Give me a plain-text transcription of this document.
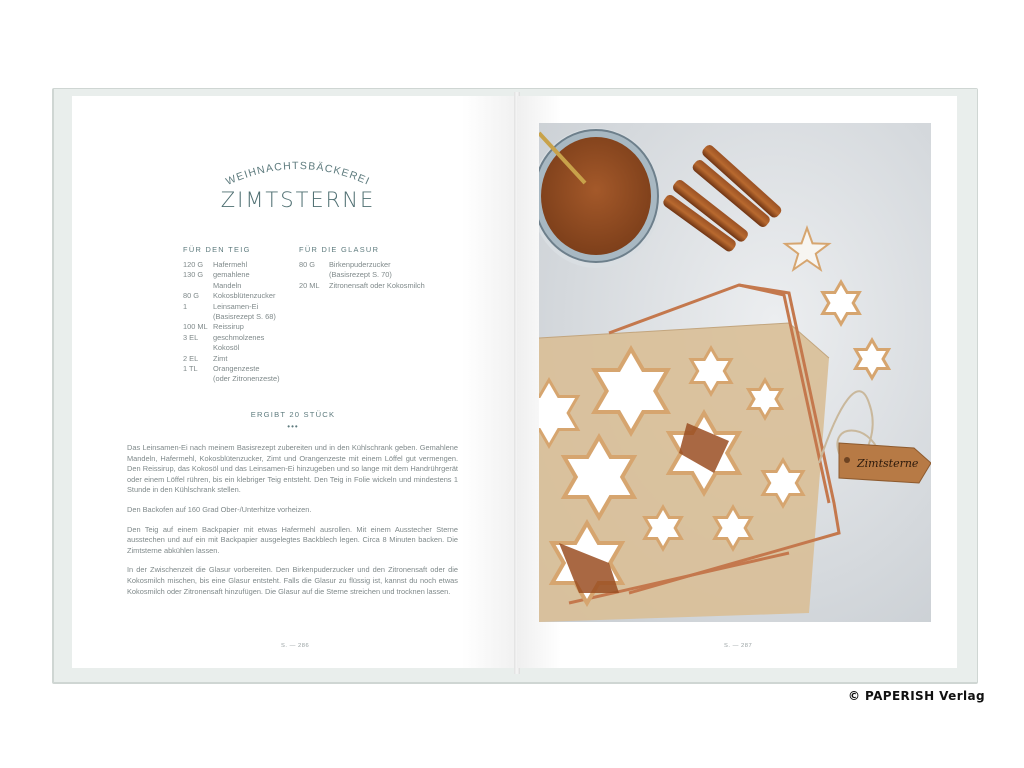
WEIHNACHTSBÄCKEREI
ZIMTSTERNE
FÜR DEN TEIG
120 G	Hafermehl
130 G	gemahlene
Mandeln
80 G	Kokosblütenzucker
1	Leinsamen-Ei
(Basisrezept S. 68)
100 ML Reissirup
3 EL	geschmolzenes
Kokosöl
2 EL	Zimt
1 TL	Orangenzeste
(oder Zitronenzeste)
FÜR DIE GLASUR
80 G	Birkenpuderzucker
(Basisrezept S. 70)
20 ML	Zitronensaft oder Kokosmilch
ERGIBT 20 STÜCK
•••

Das Leinsamen-Ei nach meinem Basisrezept zubereiten und in den Kühlschrank geben. Gemahlene Mandeln, Hafermehl, Kokosblütenzucker, Zimt und Orangenzeste mit einem Löffel gut vermengen. Den Reissirup, das Kokosöl und das Leinsamen-Ei hinzugeben und so lange mit dem Handrührgerät oder einem Löffel rühren, bis ein klebriger Teig entsteht. Den Teig in Folie wickeln und mindestens 1 Stunde in den Kühlschrank stellen.

Den Backofen auf 160 Grad Ober-/Unterhitze vorheizen.

Den Teig auf einem Backpapier mit etwas Hafermehl ausrollen. Mit einem Ausstecher Sterne ausstechen und auf ein mit Backpapier ausgelegtes Backblech legen. Circa 8 Minuten backen. Die Zimtsterne abkühlen lassen.

In der Zwischenzeit die Glasur vorbereiten. Den Birkenpuderzucker und den Zitronensaft oder die Kokosmilch mischen, bis eine Glasur entsteht. Falls die Glasur zu flüssig ist, kannst du noch etwas Kokosmilch oder Zitronensaft hinzufügen. Die Glasur auf die Sterne streichen und trocknen lassen.

S. — 286
Zimtsterne
S. — 287
© PAPERISH Verlag
